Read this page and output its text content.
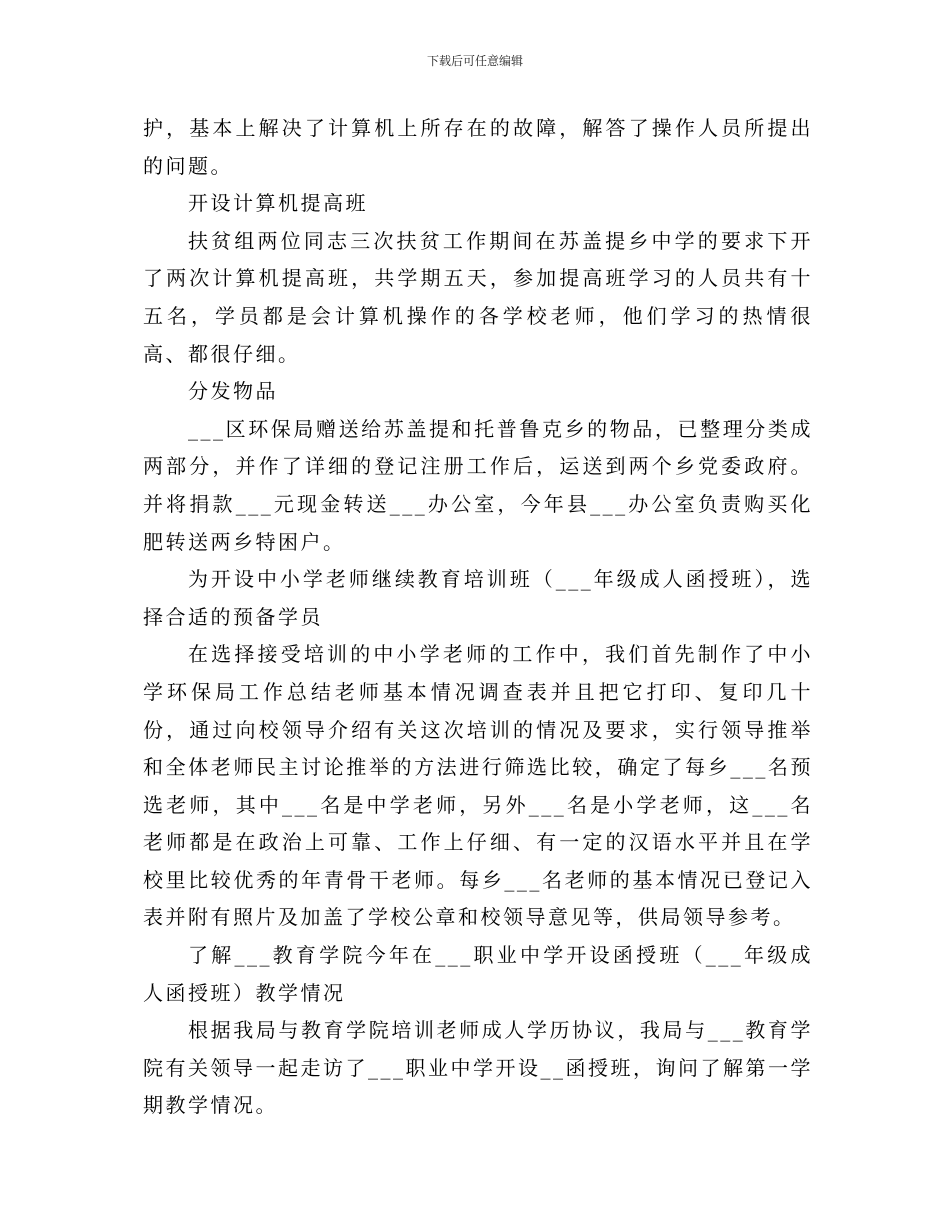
下载后可任意编辑

护，基本上解决了计算机上所存在的故障，解答了操作人员所提出的问题。

开设计算机提高班

扶贫组两位同志三次扶贫工作期间在苏盖提乡中学的要求下开了两次计算机提高班，共学期五天，参加提高班学习的人员共有十五名，学员都是会计算机操作的各学校老师，他们学习的热情很高、都很仔细。

分发物品

___区环保局赠送给苏盖提和托普鲁克乡的物品，已整理分类成两部分，并作了详细的登记注册工作后，运送到两个乡党委政府。并将捐款___元现金转送___办公室，今年县___办公室负责购买化肥转送两乡特困户。

为开设中小学老师继续教育培训班（___年级成人函授班），选择合适的预备学员

在选择接受培训的中小学老师的工作中，我们首先制作了中小学环保局工作总结老师基本情况调查表并且把它打印、复印几十份，通过向校领导介绍有关这次培训的情况及要求，实行领导推举和全体老师民主讨论推举的方法进行筛选比较，确定了每乡___名预选老师，其中___名是中学老师，另外___名是小学老师，这___名老师都是在政治上可靠、工作上仔细、有一定的汉语水平并且在学校里比较优秀的年青骨干老师。每乡___名老师的基本情况已登记入表并附有照片及加盖了学校公章和校领导意见等，供局领导参考。

了解___教育学院今年在___职业中学开设函授班（___年级成人函授班）教学情况

根据我局与教育学院培训老师成人学历协议，我局与___教育学院有关领导一起走访了___职业中学开设__函授班，询问了解第一学期教学情况。
